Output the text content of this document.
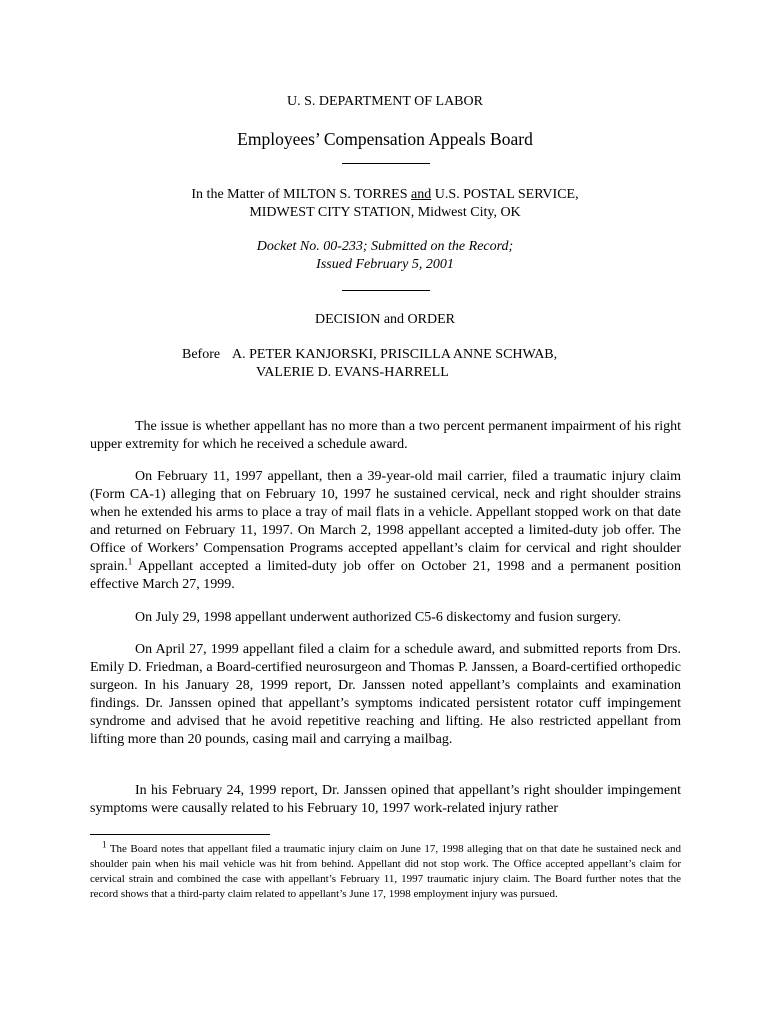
U. S. DEPARTMENT OF LABOR
Employees’ Compensation Appeals Board
In the Matter of MILTON S. TORRES and U.S. POSTAL SERVICE,
MIDWEST CITY STATION, Midwest City, OK
Docket No. 00-233; Submitted on the Record;
Issued February 5, 2001
DECISION and ORDER
Before A. PETER KANJORSKI, PRISCILLA ANNE SCHWAB,
VALERIE D. EVANS-HARRELL

The issue is whether appellant has no more than a two percent permanent impairment of his right upper extremity for which he received a schedule award.

On February 11, 1997 appellant, then a 39-year-old mail carrier, filed a traumatic injury claim (Form CA-1) alleging that on February 10, 1997 he sustained cervical, neck and right shoulder strains when he extended his arms to place a tray of mail flats in a vehicle. Appellant stopped work on that date and returned on February 11, 1997. On March 2, 1998 appellant accepted a limited-duty job offer. The Office of Workers’ Compensation Programs accepted appellant’s claim for cervical and right shoulder sprain.$^1$ Appellant accepted a limited-duty job offer on October 21, 1998 and a permanent position effective March 27, 1999.

On July 29, 1998 appellant underwent authorized C5-6 diskectomy and fusion surgery.

On April 27, 1999 appellant filed a claim for a schedule award, and submitted reports from Drs. Emily D. Friedman, a Board-certified neurosurgeon and Thomas P. Janssen, a Board-certified orthopedic surgeon. In his January 28, 1999 report, Dr. Janssen noted appellant’s complaints and examination findings. Dr. Janssen opined that appellant’s symptoms indicated persistent rotator cuff impingement syndrome and advised that he avoid repetitive reaching and lifting. He also restricted appellant from lifting more than 20 pounds, casing mail and carrying a mailbag.

In his February 24, 1999 report, Dr. Janssen opined that appellant’s right shoulder impingement symptoms were causally related to his February 10, 1997 work-related injury rather

$^1$ The Board notes that appellant filed a traumatic injury claim on June 17, 1998 alleging that on that date he sustained neck and shoulder pain when his mail vehicle was hit from behind. Appellant did not stop work. The Office accepted appellant’s claim for cervical strain and combined the case with appellant’s February 11, 1997 traumatic injury claim. The Board further notes that the record shows that a third-party claim related to appellant’s June 17, 1998 employment injury was pursued.
